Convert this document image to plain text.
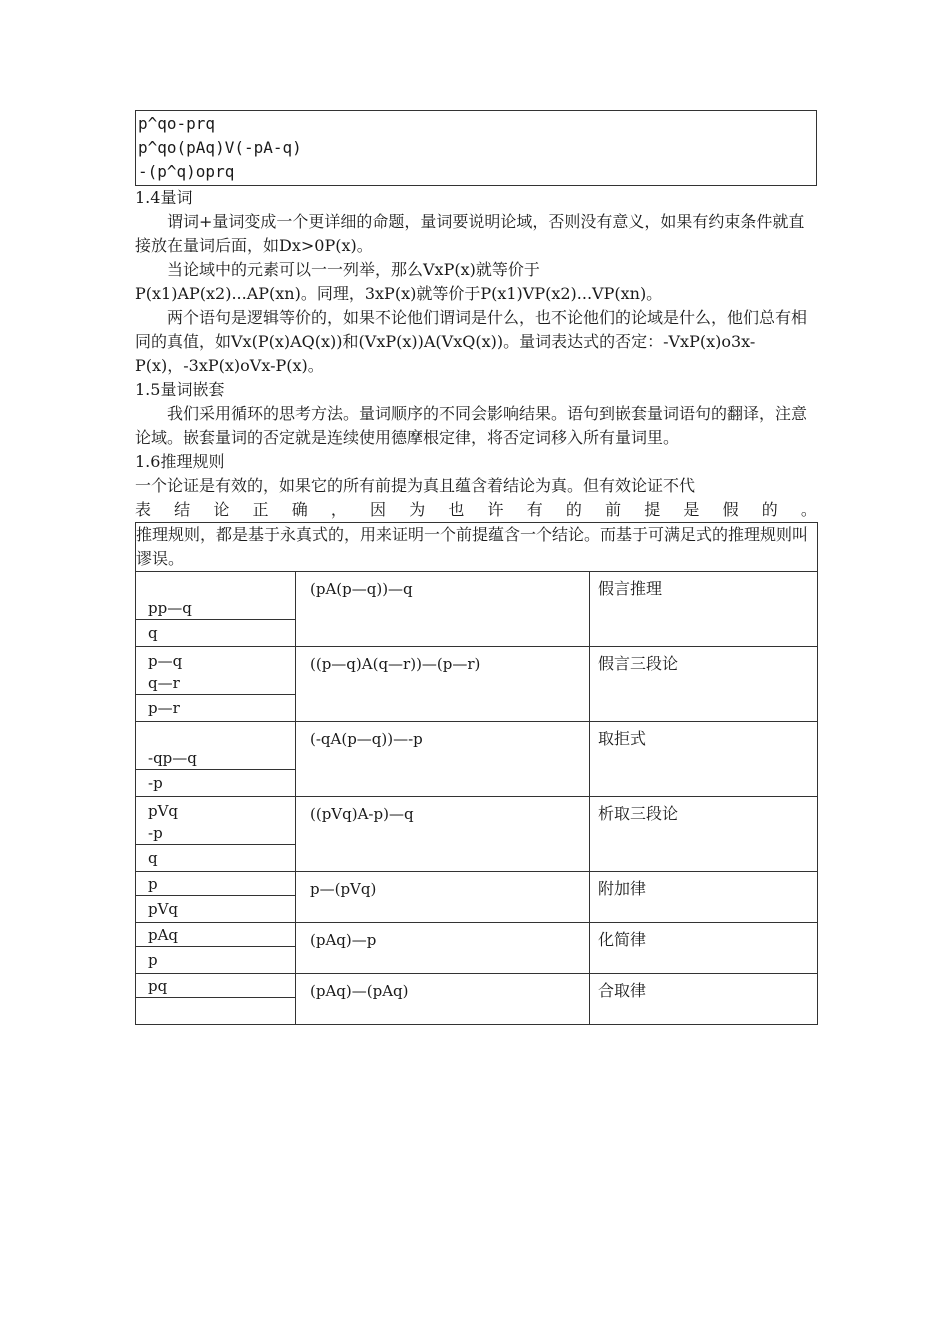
p^qo-prq
p^qo(pAq)V(-pA-q)
-(p^q)oprq

1.4量词

谓词+量词变成一个更详细的命题，量词要说明论域，否则没有意义，如果有约束条件就直接放在量词后面，如Dx>0P(x)。

当论域中的元素可以一一列举，那么VxP(x)就等价于

P(x1)AP(x2)...AP(xn)。同理，3xP(x)就等价于P(x1)VP(x2)...VP(xn)。

两个语句是逻辑等价的，如果不论他们谓词是什么，也不论他们的论域是什么，他们总有相同的真值，如Vx(P(x)AQ(x))和(VxP(x))A(VxQ(x))。量词表达式的否定：-VxP(x)o3x-P(x)，-3xP(x)oVx-P(x)。

1.5量词嵌套

我们采用循环的思考方法。量词顺序的不同会影响结果。语句到嵌套量词语句的翻译，注意论域。嵌套量词的否定就是连续使用德摩根定律，将否定词移入所有量词里。

1.6推理规则

一个论证是有效的，如果它的所有前提为真且蕴含着结论为真。但有效论证不代

表 结 论 正 确 ， 因 为 也 许 有 的 前 提 是 假 的 。

推理规则，都是基于永真式的，用来证明一个前提蕴含一个结论。而基于可满足式的推理规则叫谬误。		

pp—q
q	(pA(p—q))—q	假言推理

p—q
q—r
p—r	((p—q)A(q—r))—(p—r)	假言三段论

-qp—q
-p	(-qA(p—q))—-p	取拒式

pVq
-p
q	((pVq)A-p)—q	析取三段论

p
pVq	p—(pVq)	附加律

pAq
p	(pAq)—p	化简律

pq	(pAq)—(pAq)	合取律
